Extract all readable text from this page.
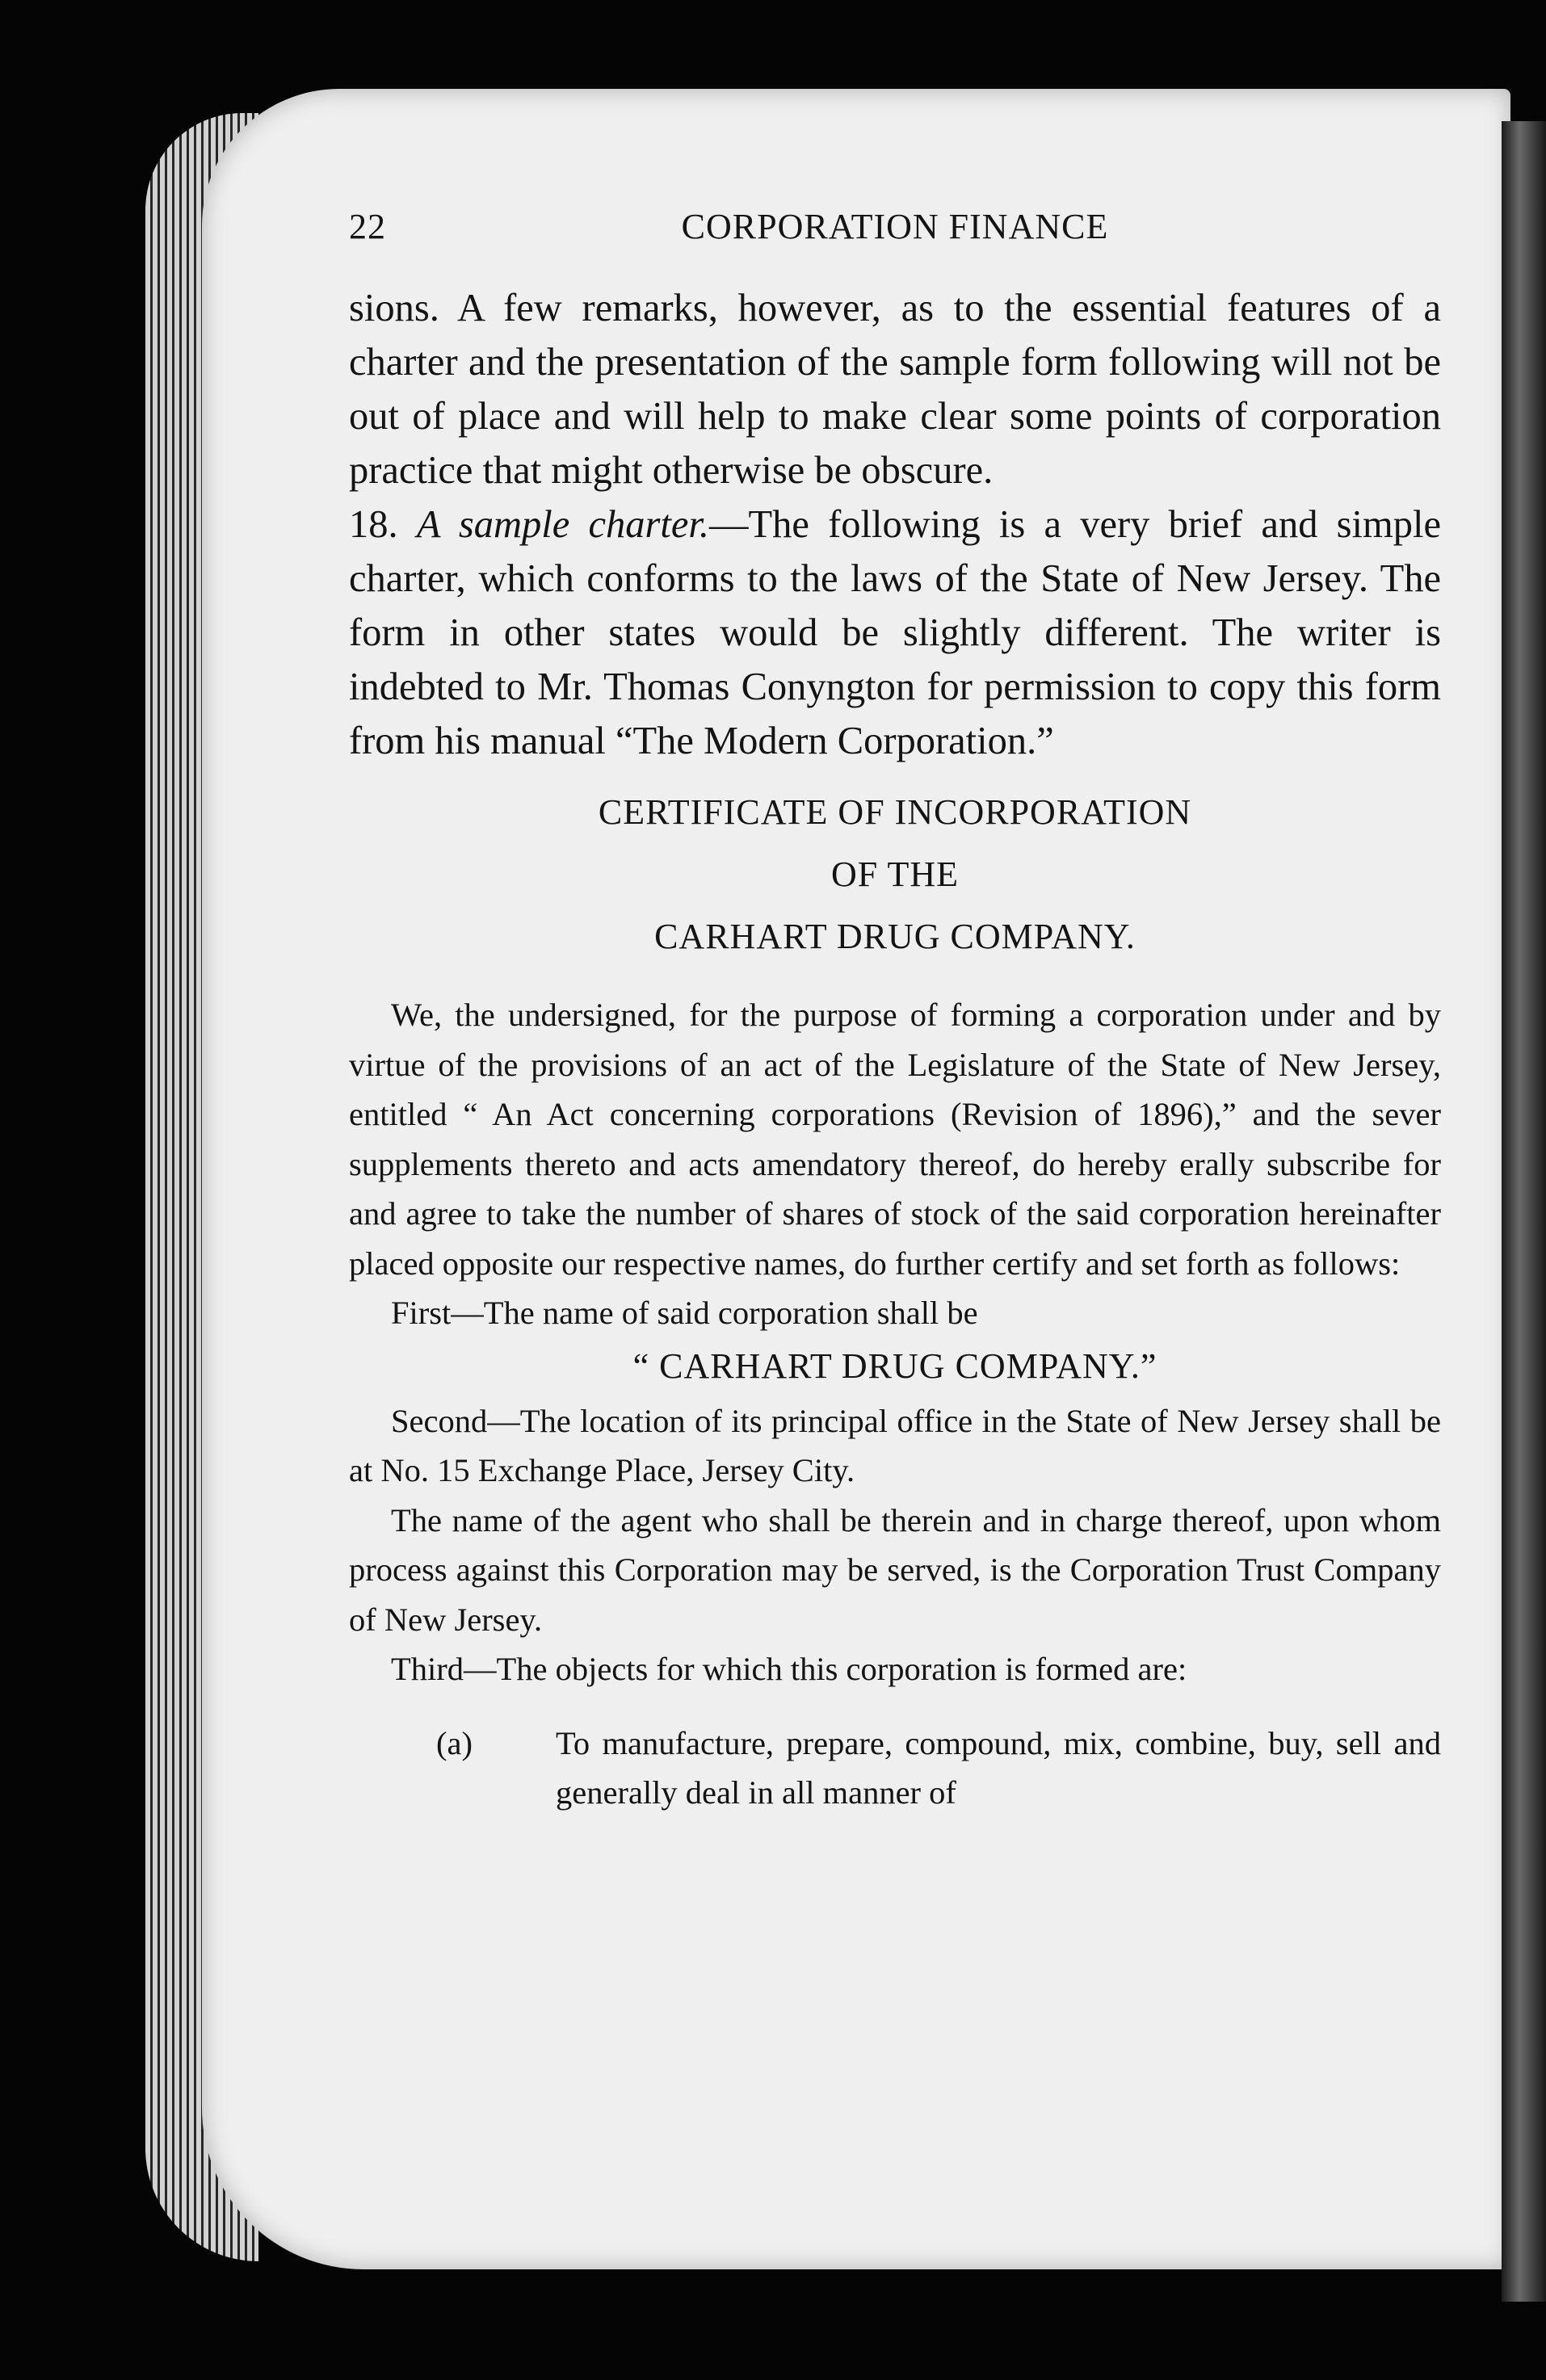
22	CORPORATION FINANCE

sions. A few remarks, however, as to the essential features of a charter and the presentation of the sample form following will not be out of place and will help to make clear some points of corporation practice that might otherwise be obscure.

18. A sample charter.—The following is a very brief and simple charter, which conforms to the laws of the State of New Jersey. The form in other states would be slightly different. The writer is indebted to Mr. Thomas Conyngton for permission to copy this form from his manual “The Modern Corporation.”

CERTIFICATE OF INCORPORATION
OF THE
CARHART DRUG COMPANY.

We, the undersigned, for the purpose of forming a corporation under and by virtue of the provisions of an act of the Legislature of the State of New Jersey, entitled “ An Act concerning corporations (Revision of 1896),” and the sever supplements thereto and acts amendatory thereof, do hereby erally subscribe for and agree to take the number of shares of stock of the said corporation hereinafter placed opposite our respective names, do further certify and set forth as follows:

First—The name of said corporation shall be

“ CARHART DRUG COMPANY.”

Second—The location of its principal office in the State of New Jersey shall be at No. 15 Exchange Place, Jersey City.

The name of the agent who shall be therein and in charge thereof, upon whom process against this Corporation may be served, is the Corporation Trust Company of New Jersey.

Third—The objects for which this corporation is formed are:

(a)	To manufacture, prepare, compound, mix, combine, buy, sell and generally deal in all manner of
